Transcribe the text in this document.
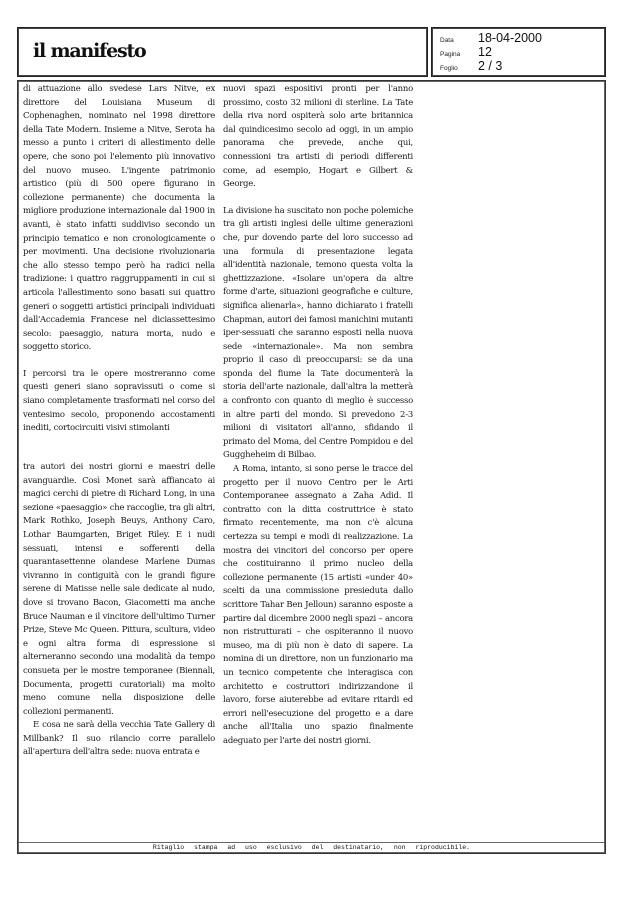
il manifesto	Data	18-04-2000
Pagina	12
Foglio	2 / 3

di attuazione allo svedese Lars Nitve, ex direttore del Louisiana Museum di Cophenaghen, nominato nel 1998 direttore della Tate Modern. Insieme a Nitve, Serota ha messo a punto i criteri di allestimento delle opere, che sono poi l'elemento più innovativo del nuovo museo. L'ingente patrimonio artistico (più di 500 opere figurano in collezione permanente) che documenta la migliore produzione internazionale dal 1900 in avanti, è stato infatti suddiviso secondo un principio tematico e non cronologicamente o per movimenti. Una decisione rivoluzionaria che allo stesso tempo però ha radici nella tradizione: i quattro raggruppamenti in cui si articola l'allestimento sono basati sui quattro generi o soggetti artistici principali individuati dall'Accademia Francese nel diciassettesimo secolo: paesaggio, natura morta, nudo e soggetto storico.

I percorsi tra le opere mostreranno come questi generi siano sopravissuti o come si siano completamente trasformati nel corso del ventesimo secolo, proponendo accostamenti inediti, cortocircuiti visivi stimolanti

tra autori dei nostri giorni e maestri delle avanguardie. Così Monet sarà affiancato ai magici cerchi di pietre di Richard Long, in una sezione «paesaggio» che raccoglie, tra gli altri, Mark Rothko, Joseph Beuys, Anthony Caro, Lothar Baumgarten, Briget Riley. E i nudi sessuati, intensi e sofferenti della quarantasettenne olandese Marlene Dumas vivranno in contiguità con le grandi figure serene di Matisse nelle sale dedicate al nudo, dove si trovano Bacon, Giacometti ma anche Bruce Nauman e il vincitore dell'ultimo Turner Prize, Steve Mc Queen. Pittura, scultura, video e ogni altra forma di espressione si alterneranno secondo una modalità da tempo consueta per le mostre temporanee (Biennali, Documenta, progetti curatoriali) ma molto meno comune nella disposizione delle collezioni permanenti.

E cosa ne sarà della vecchia Tate Gallery di Millbank? Il suo rilancio corre parallelo all'apertura dell'altra sede: nuova entrata e

nuovi spazi espositivi pronti per l'anno prossimo, costo 32 milioni di sterline. La Tate della riva nord ospiterà solo arte britannica dal quindicesimo secolo ad oggi, in un ampio panorama che prevede, anche qui, connessioni tra artisti di periodi differenti come, ad esempio, Hogart e Gilbert & George.

La divisione ha suscitato non poche polemiche tra gli artisti inglesi delle ultime generazioni che, pur dovendo parte del loro successo ad una formula di presentazione legata all'identità nazionale, temono questa volta la ghettizzazione. «Isolare un'opera da altre forme d'arte, situazioni geografiche e culture, significa alienarla», hanno dichiarato i fratelli Chapman, autori dei famosi manichini mutanti iper-sessuati che saranno esposti nella nuova sede «internazionale». Ma non sembra proprio il caso di preoccuparsi: se da una sponda del fiume la Tate documenterà la storia dell'arte nazionale, dall'altra la metterà a confronto con quanto di meglio è successo in altre parti del mondo. Si prevedono 2-3 milioni di visitatori all'anno, sfidando il primato del Moma, del Centre Pompidou e del Guggheheim di Bilbao.

A Roma, intanto, si sono perse le tracce del progetto per il nuovo Centro per le Arti Contemporanee assegnato a Zaha Adid. Il contratto con la ditta costruttrice è stato firmato recentemente, ma non c'è alcuna certezza su tempi e modi di realizzazione. La mostra dei vincitori del concorso per opere che costituiranno il primo nucleo della collezione permanente (15 artisti «under 40» scelti da una commissione presieduta dallo scrittore Tahar Ben Jelloun) saranno esposte a partire dal dicembre 2000 negli spazi – ancora non ristrutturati – che ospiteranno il nuovo museo, ma di più non è dato di sapere. La nomina di un direttore, non un funzionario ma un tecnico competente che interagisca con architetto e costruttori indirizzandone il lavoro, forse aiuterebbe ad evitare ritardi ed errori nell'esecuzione del progetto e a dare anche all'Italia uno spazio finalmente adeguato per l'arte dei nostri giorni.

Ritaglio stampa ad uso esclusivo del destinatario, non riproducibile.
